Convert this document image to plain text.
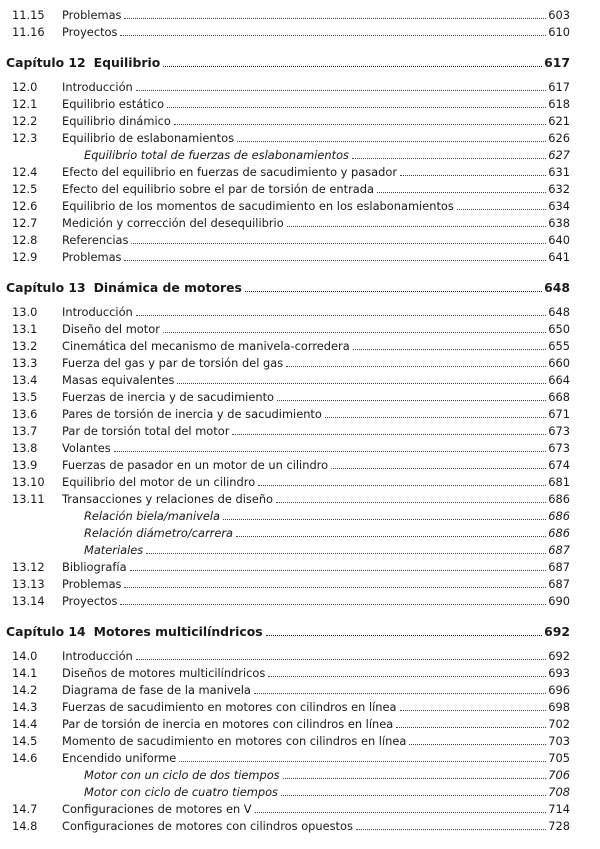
11.15	Problemas	603
11.16	Proyectos	610
Capítulo 12 Equilibrio	617
12.0	Introducción	617
12.1	Equilibrio estático	618
12.2	Equilibrio dinámico	621
12.3	Equilibrio de eslabonamientos	626
Equilibrio total de fuerzas de eslabonamientos	627
12.4	Efecto del equilibrio en fuerzas de sacudimiento y pasador	631
12.5	Efecto del equilibrio sobre el par de torsión de entrada	632
12.6	Equilibrio de los momentos de sacudimiento en los eslabonamientos	634
12.7	Medición y corrección del desequilibrio	638
12.8	Referencias	640
12.9	Problemas	641
Capítulo 13 Dinámica de motores	648
13.0	Introducción	648
13.1	Diseño del motor	650
13.2	Cinemática del mecanismo de manivela-corredera	655
13.3	Fuerza del gas y par de torsión del gas	660
13.4	Masas equivalentes	664
13.5	Fuerzas de inercia y de sacudimiento	668
13.6	Pares de torsión de inercia y de sacudimiento	671
13.7	Par de torsión total del motor	673
13.8	Volantes	673
13.9	Fuerzas de pasador en un motor de un cilindro	674
13.10	Equilibrio del motor de un cilindro	681
13.11	Transacciones y relaciones de diseño	686
Relación biela/manivela	686
Relación diámetro/carrera	686
Materiales	687
13.12	Bibliografía	687
13.13	Problemas	687
13.14	Proyectos	690
Capítulo 14 Motores multicilíndricos	692
14.0	Introducción	692
14.1	Diseños de motores multicilíndricos	693
14.2	Diagrama de fase de la manivela	696
14.3	Fuerzas de sacudimiento en motores con cilindros en línea	698
14.4	Par de torsión de inercia en motores con cilindros en línea	702
14.5	Momento de sacudimiento en motores con cilindros en línea	703
14.6	Encendido uniforme	705
Motor con un ciclo de dos tiempos	706
Motor con ciclo de cuatro tiempos	708
14.7	Configuraciones de motores en V	714
14.8	Configuraciones de motores con cilindros opuestos	728
